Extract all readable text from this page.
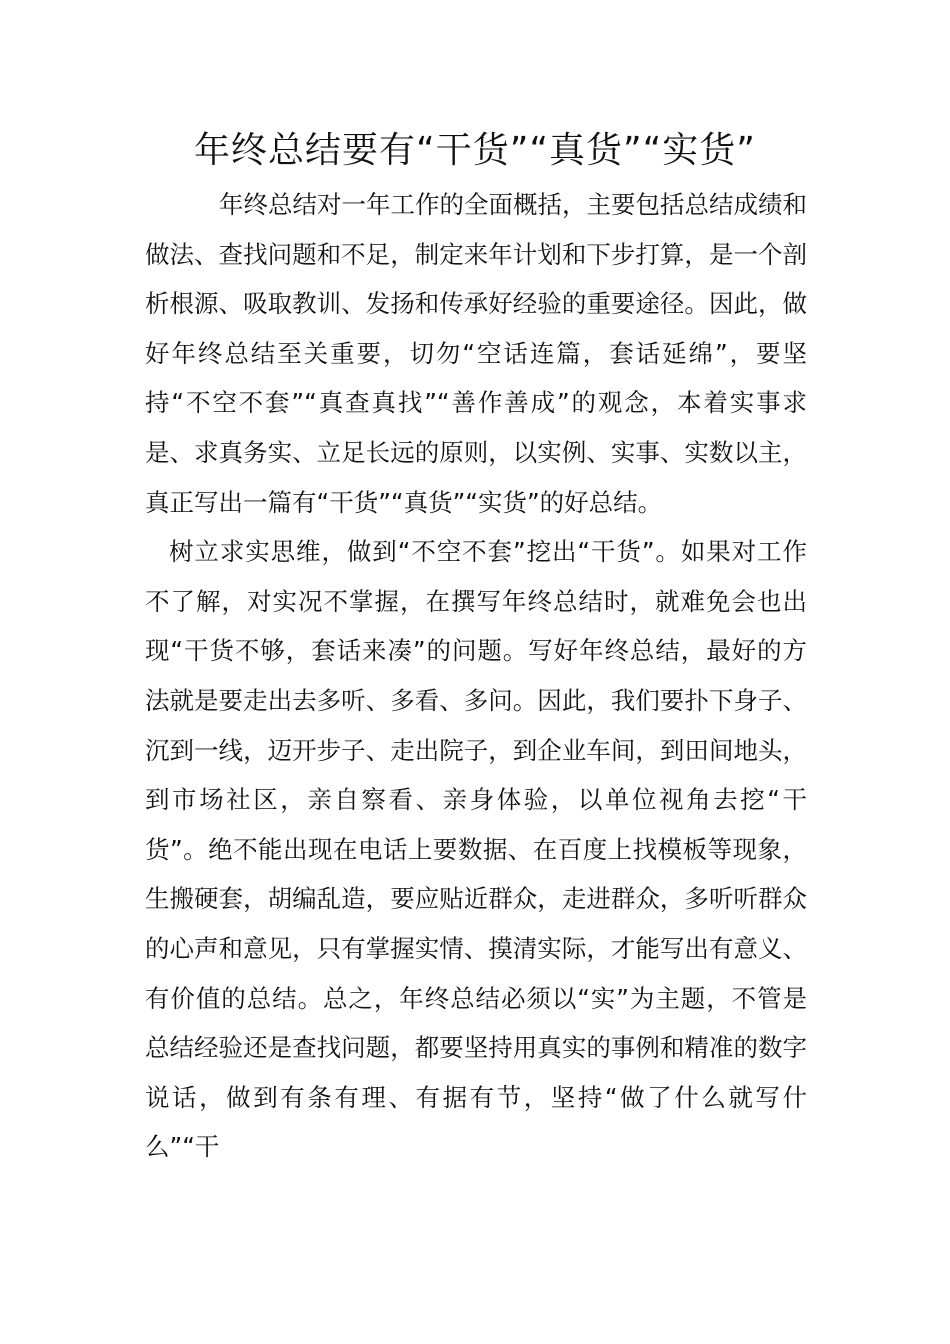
年终总结要有“干货”“真货”“实货”

年终总结对一年工作的全面概括，主要包括总结成绩和做法、查找问题和不足，制定来年计划和下步打算，是一个剖析根源、吸取教训、发扬和传承好经验的重要途径。因此，做好年终总结至关重要，切勿“空话连篇，套话延绵”，要坚持“不空不套”“真查真找”“善作善成”的观念，本着实事求是、求真务实、立足长远的原则，以实例、实事、实数以主，真正写出一篇有“干货”“真货”“实货”的好总结。

树立求实思维，做到“不空不套”挖出“干货”。如果对工作不了解，对实况不掌握，在撰写年终总结时，就难免会也出现“干货不够，套话来凑”的问题。写好年终总结，最好的方法就是要走出去多听、多看、多问。因此，我们要扑下身子、沉到一线，迈开步子、走出院子，到企业车间，到田间地头，到市场社区，亲自察看、亲身体验，以单位视角去挖“干货”。绝不能出现在电话上要数据、在百度上找模板等现象，生搬硬套，胡编乱造，要应贴近群众，走进群众，多听听群众的心声和意见，只有掌握实情、摸清实际，才能写出有意义、有价值的总结。总之，年终总结必须以“实”为主题，不管是总结经验还是查找问题，都要坚持用真实的事例和精准的数字说话，做到有条有理、有据有节，坚持“做了什么就写什么”“干
